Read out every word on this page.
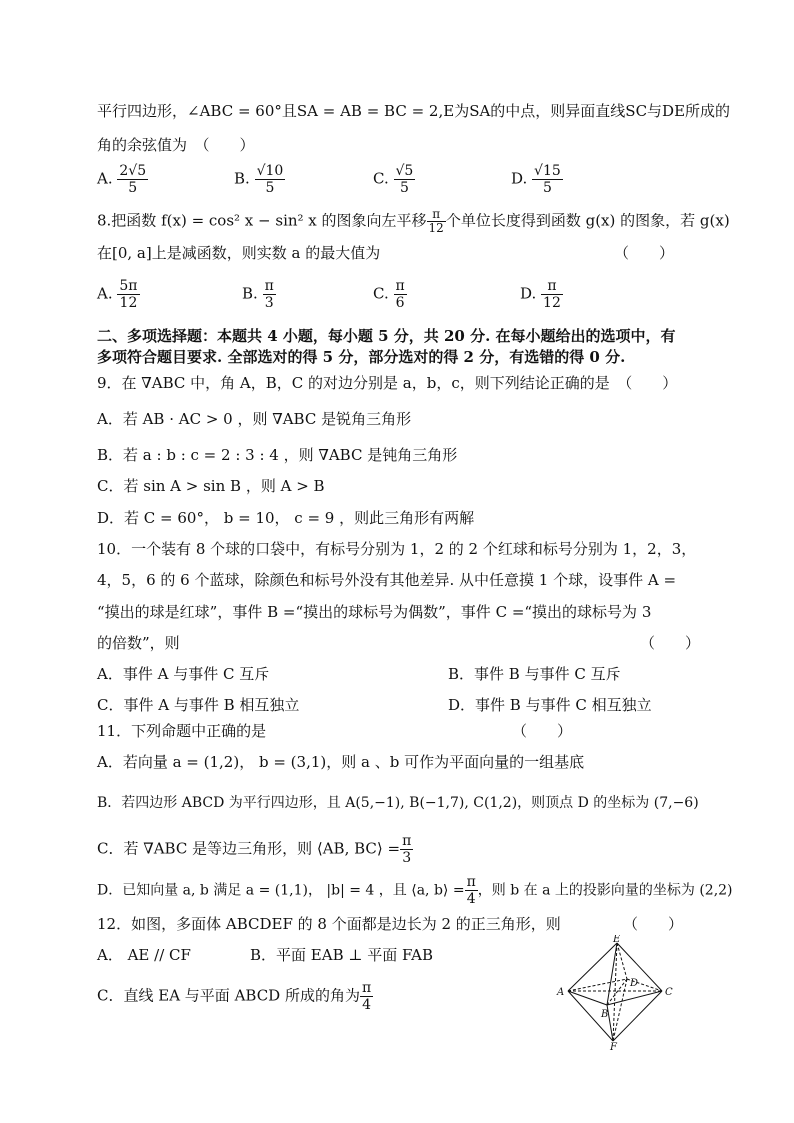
平行四边形，∠ABC = 60°且SA = AB = BC = 2,E为SA的中点，则异面直线SC与DE所成的
角的余弦值为　（　　）
A. $\frac{2√5}{5}$	B. $\frac{√10}{5}$	C. $\frac{√5}{5}$	D. $\frac{√15}{5}$
8.把函数 f(x) = cos² x − sin² x 的图象向左平移 $\frac{\pi}{12}$ 个单位长度得到函数 g(x) 的图象，若 g(x)
在[0, a]上是减函数，则实数 a 的最大值为	（　　）
A. $\frac{5\pi}{12}$	B. $\frac{\pi}{3}$	C. $\frac{\pi}{6}$	D. $\frac{\pi}{12}$
二、多项选择题：本题共 4 小题，每小题 5 分，共 20 分. 在每小题给出的选项中，有
多项符合题目要求. 全部选对的得 5 分，部分选对的得 2 分，有选错的得 0 分.
9．在 ∇ABC 中，角 A，B，C 的对边分别是 a，b，c，则下列结论正确的是　（　　）
A．若 AB · AC > 0 ，则 ∇ABC 是锐角三角形
B．若 a : b : c = 2 : 3 : 4 ，则 ∇ABC 是钝角三角形
C．若 sin A > sin B ，则 A > B
D．若 C = 60°， b = 10， c = 9 ，则此三角形有两解
10．一个装有 8 个球的口袋中，有标号分别为 1，2 的 2 个红球和标号分别为 1，2，3，
4，5，6 的 6 个蓝球，除颜色和标号外没有其他差异. 从中任意摸 1 个球，设事件 A =
“摸出的球是红球”，事件 B =“摸出的球标号为偶数”，事件 C =“摸出的球标号为 3
的倍数”，则	（　　）
A．事件 A 与事件 C 互斥	B．事件 B 与事件 C 互斥
C．事件 A 与事件 B 相互独立	D．事件 B 与事件 C 相互独立
11．下列命题中正确的是	（　　）
A．若向量 a = (1,2)， b = (3,1)，则 a 、b 可作为平面向量的一组基底
B．若四边形 ABCD 为平行四边形，且 A(5,−1), B(−1,7), C(1,2)，则顶点 D 的坐标为 (7,−6)
C．若 ∇ABC 是等边三角形，则 ⟨AB, BC⟩ = $\frac{\pi}{3}$
D．已知向量 a, b 满足 a = (1,1)， |b| = 4 ，且 ⟨a, b⟩ = $\frac{\pi}{4}$ ，则 b 在 a 上的投影向量的坐标为 (2,2)
12．如图，多面体 ABCDEF 的 8 个面都是边长为 2 的正三角形，则	（　　）
A． AE // CF	B．平面 EAB ⊥ 平面 FAB
C．直线 EA 与平面 ABCD 所成的角为 $\frac{\pi}{4}$
E
A	C
D
B
F
